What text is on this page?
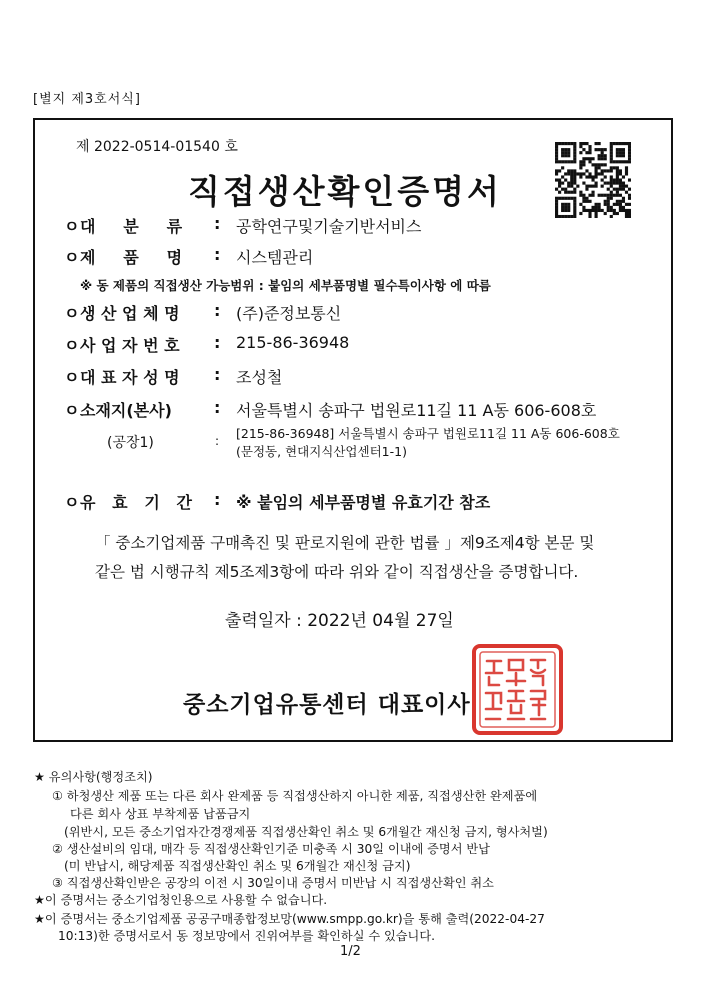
[별지 제3호서식]
제 2022-0514-01540 호
직접생산확인증명서
ㅇ 대     분     류 : 공학연구및기술기반서비스
ㅇ 제     품     명 : 시스템관리
※ 동 제품의 직접생산 가능범위 : 붙임의 세부품명별 필수특이사항 에 따름
ㅇ 생 산 업 체 명 : (주)준정보통신
ㅇ 사 업 자 번 호 : 215-86-36948
ㅇ 대 표 자 성 명 : 조성철
ㅇ 소재지(본사)	: 서울특별시 송파구 법원로11길 11 A동 606-608호
(공장1)	: [215-86-36948] 서울특별시 송파구 법원로11길 11 A동 606-608호
(문정동, 현대지식산업센터1-1)
ㅇ 유   효   기   간 : ※ 붙임의 세부품명별 유효기간 참조
「 중소기업제품 구매촉진 및 판로지원에 관한 법률 」제9조제4항 본문 및
같은 법 시행규칙 제5조제3항에 따라 위와 같이 직접생산을 증명합니다.
출력일자 : 2022년 04월 27일
중소기업유통센터 대표이사
★ 유의사항(행정조치)
① 하청생산 제품 또는 다른 회사 완제품 등 직접생산하지 아니한 제품, 직접생산한 완제품에
다른 회사 상표 부착제품 납품금지
(위반시, 모든 중소기업자간경쟁제품 직접생산확인 취소 및 6개월간 재신청 금지, 형사처벌)
② 생산설비의 임대, 매각 등 직접생산확인기준 미충족 시 30일 이내에 증명서 반납
(미 반납시, 해당제품 직접생산확인 취소 및 6개월간 재신청 금지)
③ 직접생산확인받은 공장의 이전 시 30일이내 증명서 미반납 시 직접생산확인 취소
★이 증명서는 중소기업청인용으로 사용할 수 없습니다.
★이 증명서는 중소기업제품 공공구매종합정보망(www.smpp.go.kr)을 통해 출력(2022-04-27
10:13)한 증명서로서 동 정보망에서 진위여부를 확인하실 수 있습니다.
1/2
